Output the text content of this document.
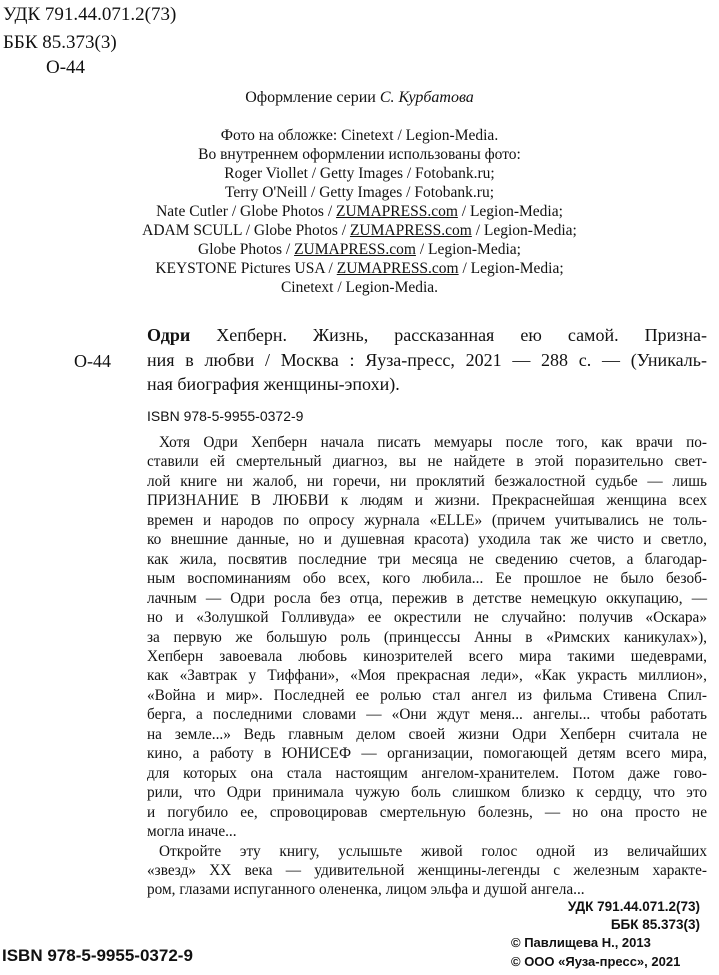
УДК 791.44.071.2(73)
ББК 85.373(3)
О-44
Оформление серии С. Курбатова
Фото на обложке: Cinetext / Legion-Media.
Во внутреннем оформлении использованы фото:
Roger Viollet / Getty Images / Fotobank.ru;
Terry O'Neill / Getty Images / Fotobank.ru;
Nate Cutler / Globe Photos / ZUMAPRESS.com / Legion-Media;
ADAM SCULL / Globe Photos / ZUMAPRESS.com / Legion-Media;
Globe Photos / ZUMAPRESS.com / Legion-Media;
KEYSTONE Pictures USA / ZUMAPRESS.com / Legion-Media;
Cinetext / Legion-Media.
О-44
Одри Хепберн. Жизнь, рассказанная ею самой. Призна-
ния в любви / Москва : Яуза-пресс, 2021 — 288 с. — (Уникаль-
ная биография женщины-эпохи).
ISBN 978-5-9955-0372-9
Хотя Одри Хепберн начала писать мемуары после того, как врачи по-
ставили ей смертельный диагноз, вы не найдете в этой поразительно свет-
лой книге ни жалоб, ни горечи, ни проклятий безжалостной судьбе — лишь
ПРИЗНАНИЕ В ЛЮБВИ к людям и жизни. Прекраснейшая женщина всех
времен и народов по опросу журнала «ELLE» (причем учитывались не толь-
ко внешние данные, но и душевная красота) уходила так же чисто и светло,
как жила, посвятив последние три месяца не сведению счетов, а благодар-
ным воспоминаниям обо всех, кого любила... Ее прошлое не было безоб-
лачным — Одри росла без отца, пережив в детстве немецкую оккупацию, —
но и «Золушкой Голливуда» ее окрестили не случайно: получив «Оскара»
за первую же большую роль (принцессы Анны в «Римских каникулах»),
Хепберн завоевала любовь кинозрителей всего мира такими шедеврами,
как «Завтрак у Тиффани», «Моя прекрасная леди», «Как украсть миллион»,
«Война и мир». Последней ее ролью стал ангел из фильма Стивена Спил-
берга, а последними словами — «Они ждут меня... ангелы... чтобы работать
на земле...» Ведь главным делом своей жизни Одри Хепберн считала не
кино, а работу в ЮНИСЕФ — организации, помогающей детям всего мира,
для которых она стала настоящим ангелом-хранителем. Потом даже гово-
рили, что Одри принимала чужую боль слишком близко к сердцу, что это
и погубило ее, спровоцировав смертельную болезнь, — но она просто не
могла иначе...
Откройте эту книгу, услышьте живой голос одной из величайших
«звезд» XX века — удивительной женщины-легенды с железным характе-
ром, глазами испуганного олененка, лицом эльфа и душой ангела...
УДК 791.44.071.2(73)
ББК 85.373(3)
ISBN 978-5-9955-0372-9
© Павлищева Н., 2013
© ООО «Яуза-пресс», 2021
